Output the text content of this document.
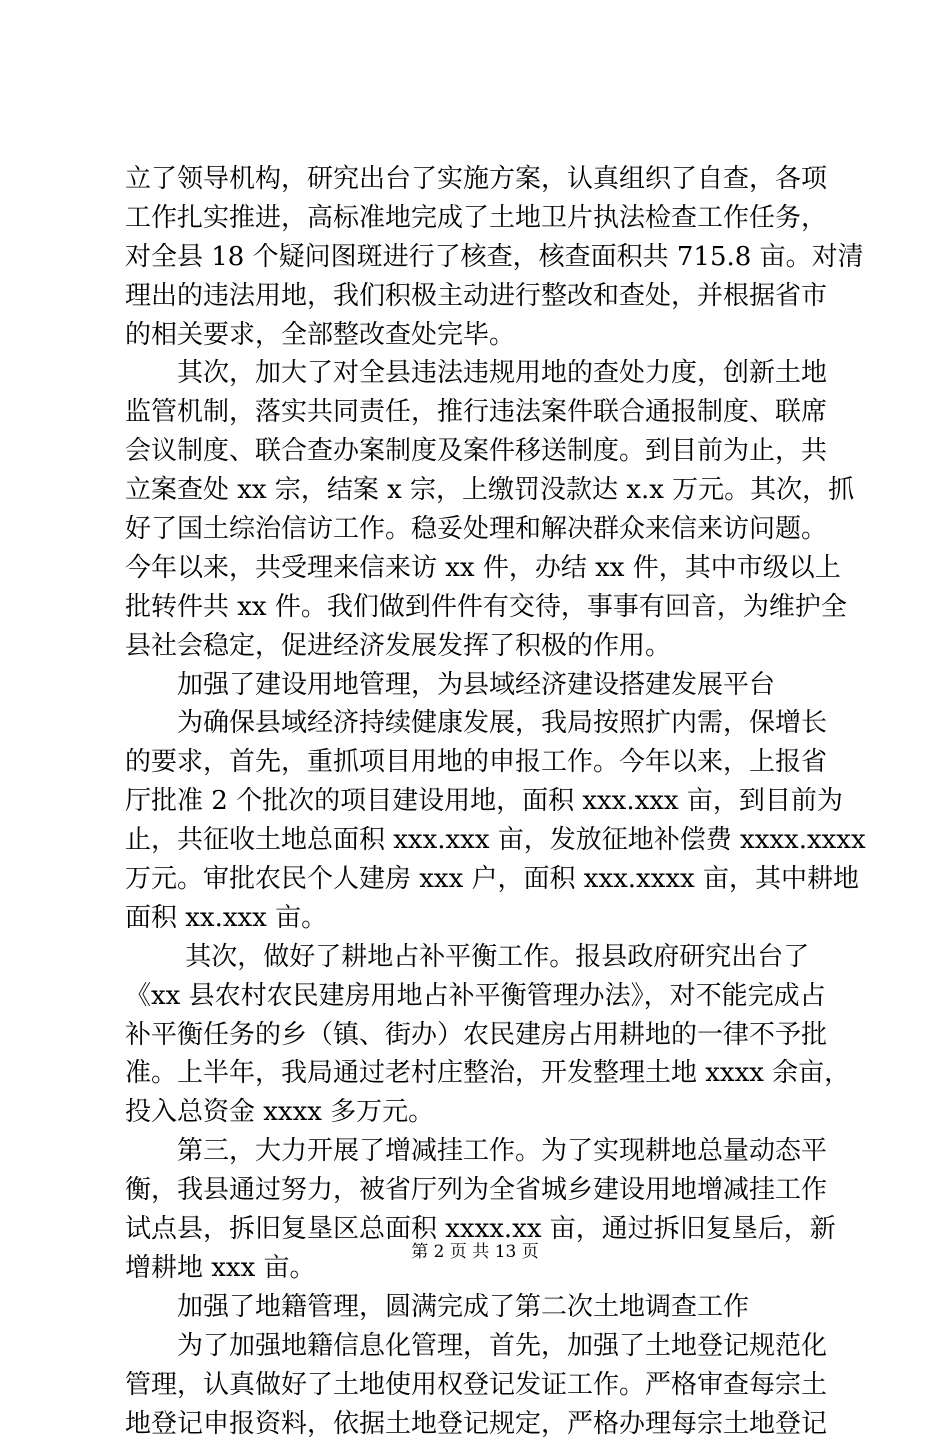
立了领导机构，研究出台了实施方案，认真组织了自查，各项
工作扎实推进，高标准地完成了土地卫片执法检查工作任务，
对全县 18 个疑问图斑进行了核查，核查面积共 715.8 亩。对清
理出的违法用地，我们积极主动进行整改和查处，并根据省市
的相关要求，全部整改查处完毕。
　　其次，加大了对全县违法违规用地的查处力度，创新土地
监管机制，落实共同责任，推行违法案件联合通报制度、联席
会议制度、联合查办案制度及案件移送制度。到目前为止，共
立案查处 xx 宗，结案 x 宗，上缴罚没款达 x.x 万元。其次，抓
好了国土综治信访工作。稳妥处理和解决群众来信来访问题。
今年以来，共受理来信来访 xx 件，办结 xx 件，其中市级以上
批转件共 xx 件。我们做到件件有交待，事事有回音，为维护全
县社会稳定，促进经济发展发挥了积极的作用。
　　加强了建设用地管理，为县域经济建设搭建发展平台
　　为确保县域经济持续健康发展，我局按照扩内需，保增长
的要求，首先，重抓项目用地的申报工作。今年以来，上报省
厅批准 2 个批次的项目建设用地，面积 xxx.xxx 亩，到目前为
止，共征收土地总面积 xxx.xxx 亩，发放征地补偿费 xxxx.xxxx
万元。审批农民个人建房 xxx 户，面积 xxx.xxxx 亩，其中耕地
面积 xx.xxx 亩。
　　 其次，做好了耕地占补平衡工作。报县政府研究出台了
《xx 县农村农民建房用地占补平衡管理办法》，对不能完成占
补平衡任务的乡（镇、街办）农民建房占用耕地的一律不予批
准。上半年，我局通过老村庄整治，开发整理土地 xxxx 余亩，
投入总资金 xxxx 多万元。
　　第三，大力开展了增减挂工作。为了实现耕地总量动态平
衡，我县通过努力，被省厅列为全省城乡建设用地增减挂工作
试点县，拆旧复垦区总面积 xxxx.xx 亩，通过拆旧复垦后，新
增耕地 xxx 亩。
　　加强了地籍管理，圆满完成了第二次土地调查工作
　　为了加强地籍信息化管理，首先，加强了土地登记规范化
管理，认真做好了土地使用权登记发证工作。严格审查每宗土
地登记申报资料，依据土地登记规定，严格办理每宗土地登记
第 2 页 共 13 页
